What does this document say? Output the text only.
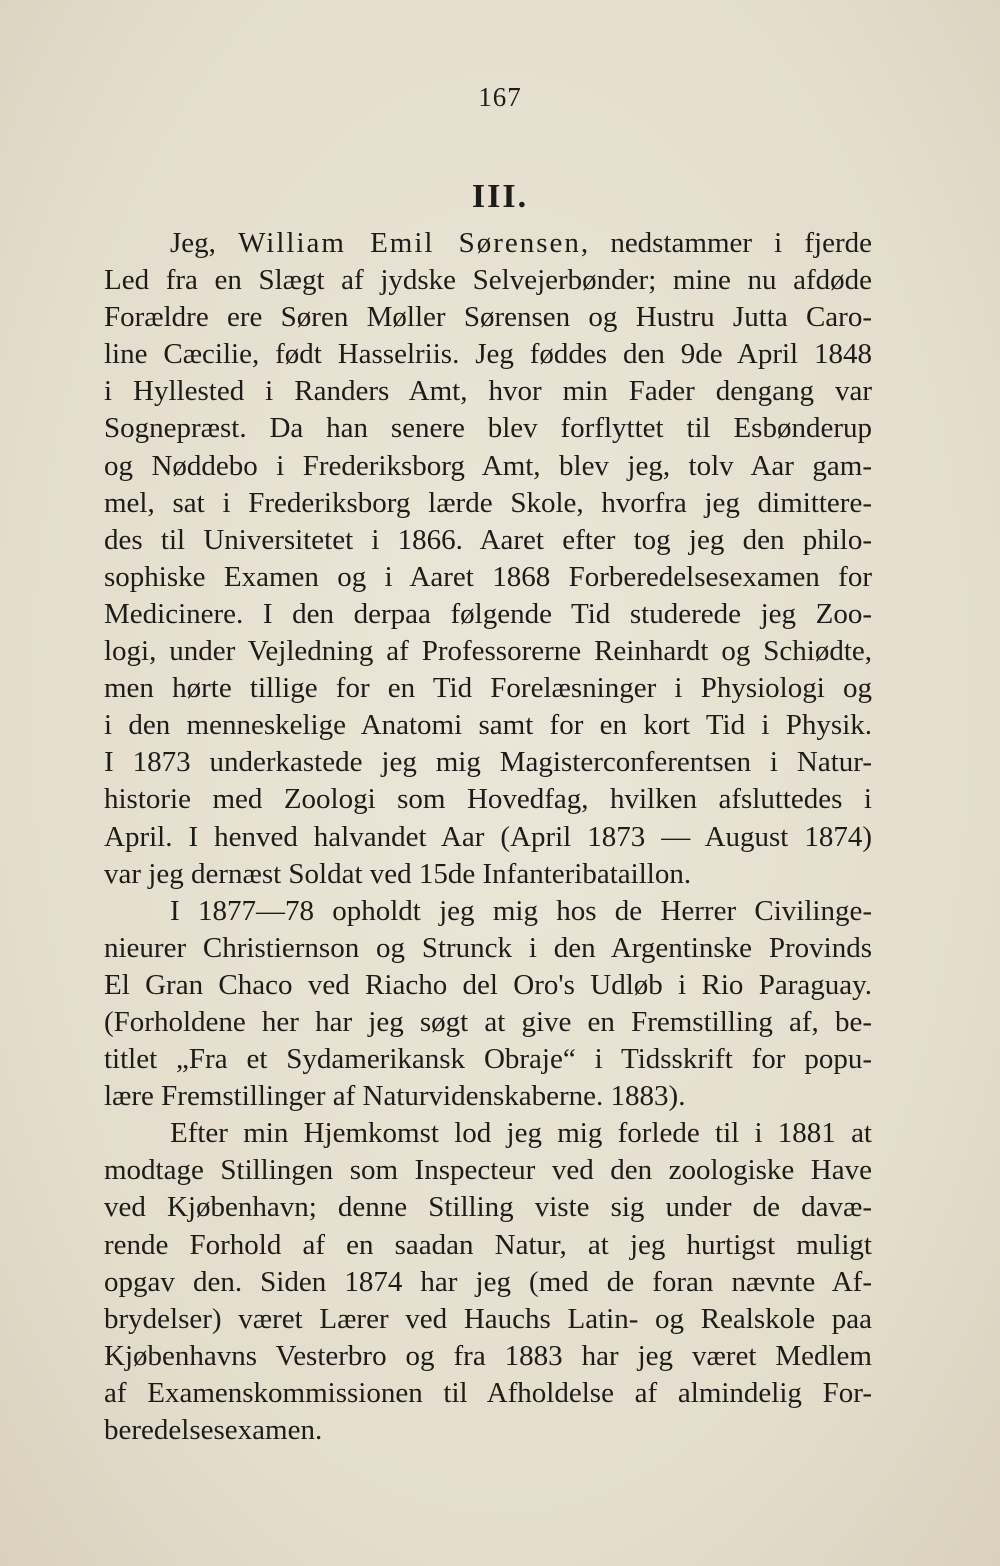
167
III.
Jeg, William Emil Sørensen, nedstammer i fjerde
Led fra en Slægt af jydske Selvejerbønder; mine nu afdøde
Forældre ere Søren Møller Sørensen og Hustru Jutta Caro-
line Cæcilie, født Hasselriis. Jeg føddes den 9de April 1848
i Hyllested i Randers Amt, hvor min Fader dengang var
Sognepræst. Da han senere blev forflyttet til Esbønderup
og Nøddebo i Frederiksborg Amt, blev jeg, tolv Aar gam-
mel, sat i Frederiksborg lærde Skole, hvorfra jeg dimittere-
des til Universitetet i 1866. Aaret efter tog jeg den philo-
sophiske Examen og i Aaret 1868 Forberedelsesexamen for
Medicinere. I den derpaa følgende Tid studerede jeg Zoo-
logi, under Vejledning af Professorerne Reinhardt og Schiødte,
men hørte tillige for en Tid Forelæsninger i Physiologi og
i den menneskelige Anatomi samt for en kort Tid i Physik.
I 1873 underkastede jeg mig Magisterconferentsen i Natur-
historie med Zoologi som Hovedfag, hvilken afsluttedes i
April. I henved halvandet Aar (April 1873 — August 1874)
var jeg dernæst Soldat ved 15de Infanteribataillon.
I 1877—78 opholdt jeg mig hos de Herrer Civilinge-
nieurer Christiernson og Strunck i den Argentinske Provinds
El Gran Chaco ved Riacho del Oro's Udløb i Rio Paraguay.
(Forholdene her har jeg søgt at give en Fremstilling af, be-
titlet „Fra et Sydamerikansk Obraje“ i Tidsskrift for popu-
lære Fremstillinger af Naturvidenskaberne. 1883).
Efter min Hjemkomst lod jeg mig forlede til i 1881 at
modtage Stillingen som Inspecteur ved den zoologiske Have
ved Kjøbenhavn; denne Stilling viste sig under de davæ-
rende Forhold af en saadan Natur, at jeg hurtigst muligt
opgav den. Siden 1874 har jeg (med de foran nævnte Af-
brydelser) været Lærer ved Hauchs Latin- og Realskole paa
Kjøbenhavns Vesterbro og fra 1883 har jeg været Medlem
af Examenskommissionen til Afholdelse af almindelig For-
beredelsesexamen.
